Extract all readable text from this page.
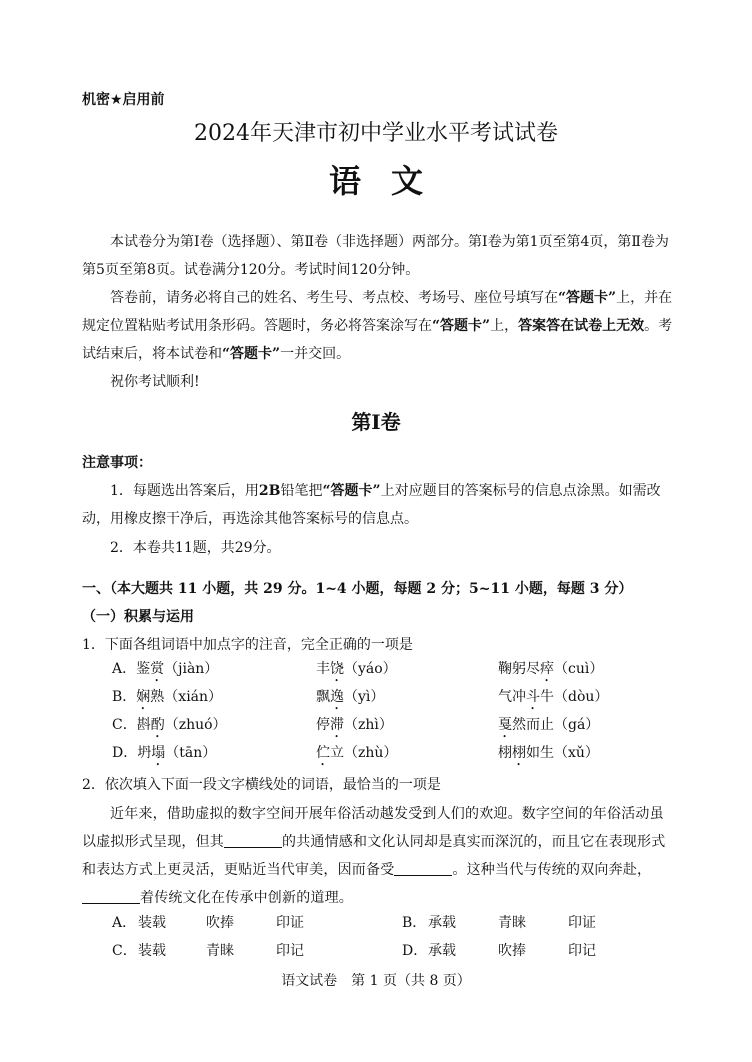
机密★启用前
2024年天津市初中学业水平考试试卷
语文
本试卷分为第Ⅰ卷（选择题）、第Ⅱ卷（非选择题）两部分。第Ⅰ卷为第1页至第4页，第Ⅱ卷为第5页至第8页。试卷满分120分。考试时间120分钟。
答卷前，请务必将自己的姓名、考生号、考点校、考场号、座位号填写在“答题卡”上，并在规定位置粘贴考试用条形码。答题时，务必将答案涂写在“答题卡”上，答案答在试卷上无效。考试结束后，将本试卷和“答题卡”一并交回。
祝你考试顺利!
第Ⅰ卷
注意事项：
1．每题选出答案后，用2B铅笔把“答题卡”上对应题目的答案标号的信息点涂黑。如需改动，用橡皮擦干净后，再选涂其他答案标号的信息点。
2．本卷共11题，共29分。
一、（本大题共 11 小题，共 29 分。1~4 小题，每题 2 分；5~11 小题，每题 3 分）
（一）积累与运用
1．下面各组词语中加点字的注音，完全正确的一项是
A．鉴赏（jiàn）	丰饶（yáo）	鞠躬尽瘁（cuì）
B．娴熟（xián）	飘逸（yì）	气冲斗牛（dòu）
C．斟酌（zhuó）	停滞（zhì）	戛然而止（gá）
D．坍塌（tān）	伫立（zhù）	栩栩如生（xǔ）
2．依次填入下面一段文字横线处的词语，最恰当的一项是
近年来，借助虚拟的数字空间开展年俗活动越发受到人们的欢迎。数字空间的年俗活动虽以虚拟形式呈现，但其	的共通情感和文化认同却是真实而深沉的，而且它在表现形式和表达方式上更灵活，更贴近当代审美，因而备受	。这种当代与传统的双向奔赴，着传统文化在传承中创新的道理。
A． 装载	吹捧	印证	B． 承载	青睐	印证
C． 装载	青睐	印记	D． 承载	吹捧	印记
语文试卷　第 1 页（共 8 页）
